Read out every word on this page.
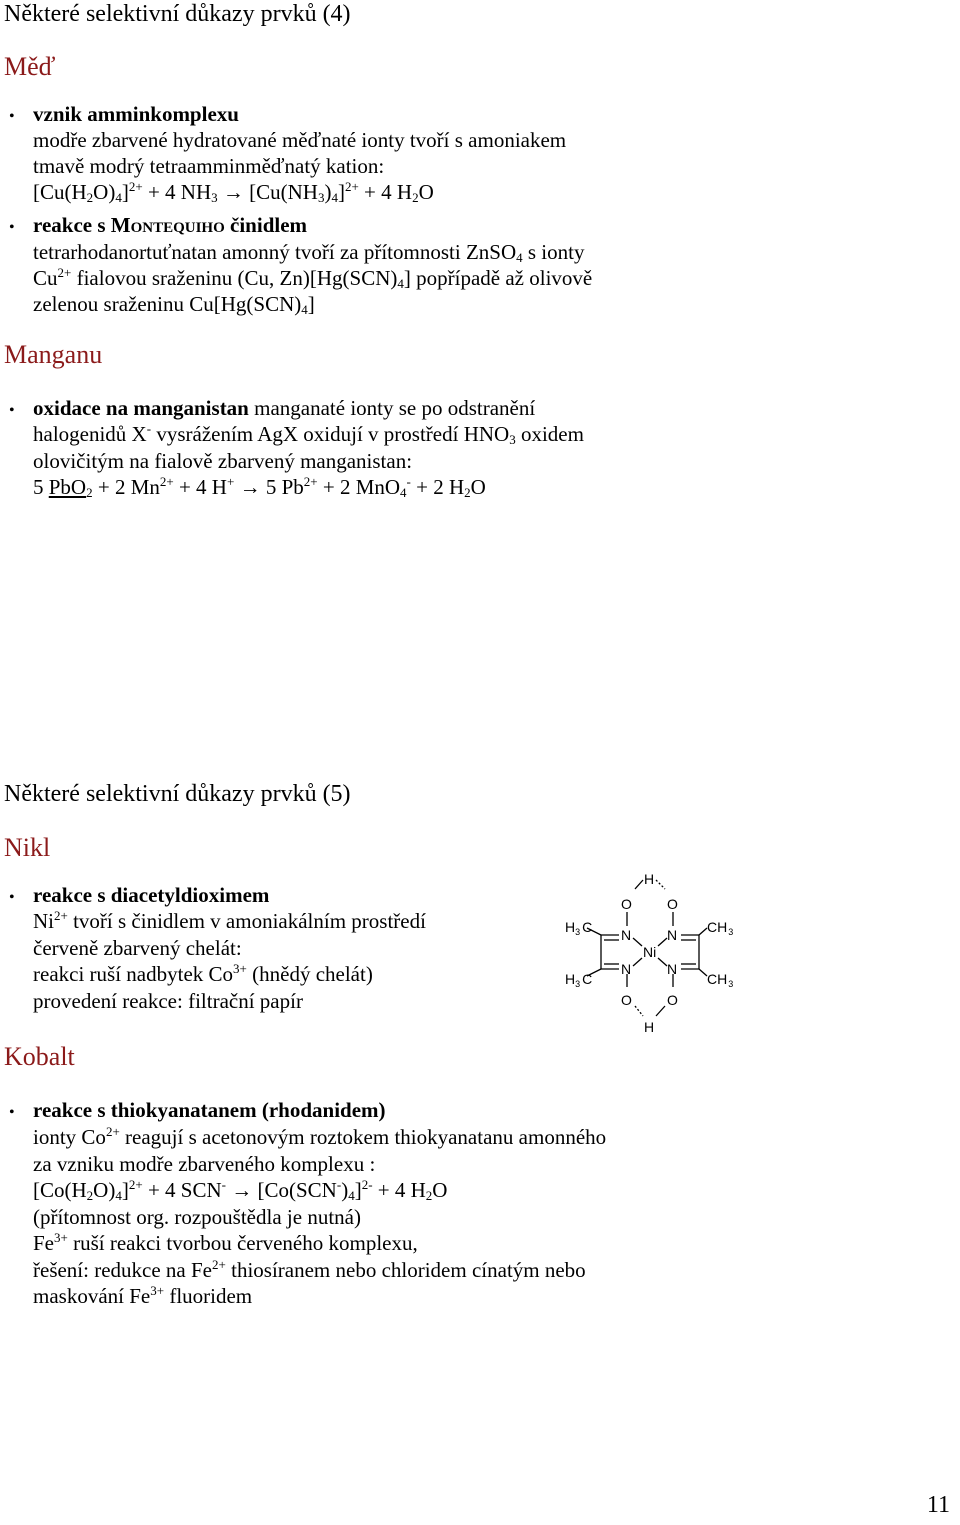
Některé selektivní důkazy prvků (4)
Měď
• vznik amminkomplexu
modře zbarvené hydratované měďnaté ionty tvoří s amoniakem
tmavě modrý tetraamminměďnatý kation:
$[Cu(H_2O)_4]^{2+} + 4$ $NH_3 \to [Cu(NH_3)_4]^{2+} + 4$ $H_2O$
• reakce s Montequiho činidlem
tetrarhodanortuťnatan amonný tvoří za přítomnosti ZnSO$_4$ s ionty
$Cu^{2+}$ fialovou sraženinu (Cu, $Zn)[Hg(SCN)_4]$ popřípadě až olivově
zelenou sraženinu $Cu[Hg(SCN)_4]$
Manganu
• oxidace na manganistan manganaté ionty se po odstranění
halogenidů X- vysrážením AgX oxidují v prostředí $HNO_3$ oxidem
olovičitým na fialově zbarvený manganistan:
5 PbO$_2$ + 2 $Mn^{2+} + 4$ H+ → 5 $Pb^{2+} + 2$ MnO$_4$- + 2 $H_2O$
Některé selektivní důkazy prvků (5)
Nikl
• reakce s diacetyldioximem
$Ni^{2+}$ tvoří s činidlem v amoniakálním prostředí
červeně zbarvený chelát:
reakci ruší nadbytek $Co^{3+}$ (hnědý chelát)
provedení reakce: filtrační papír
H
O	O
N	N
Ni
N	N
O	O
H
$H_3$ C
$H_3$ C
$CH_3$
$CH_3$
Kobalt
• reakce s thiokyanatanem (rhodanidem)
ionty $Co^{2+}$ reagují s acetonovým roztokem thiokyanatanu amonného
za vzniku modře zbarveného komplexu :
$[Co(H_2O)_4]^{2+} + 4$ $SCN^- \to [Co(SCN^-)_4]^{2-} + 4$ $H_2O$
(přítomnost org. rozpouštědla je nutná)
$Fe^{3+}$ ruší reakci tvorbou červeného komplexu,
řešení: redukce na $Fe^{2+}$ thiosíranem nebo chloridem cínatým nebo
maskování $Fe^{3+}$ fluoridem
11
